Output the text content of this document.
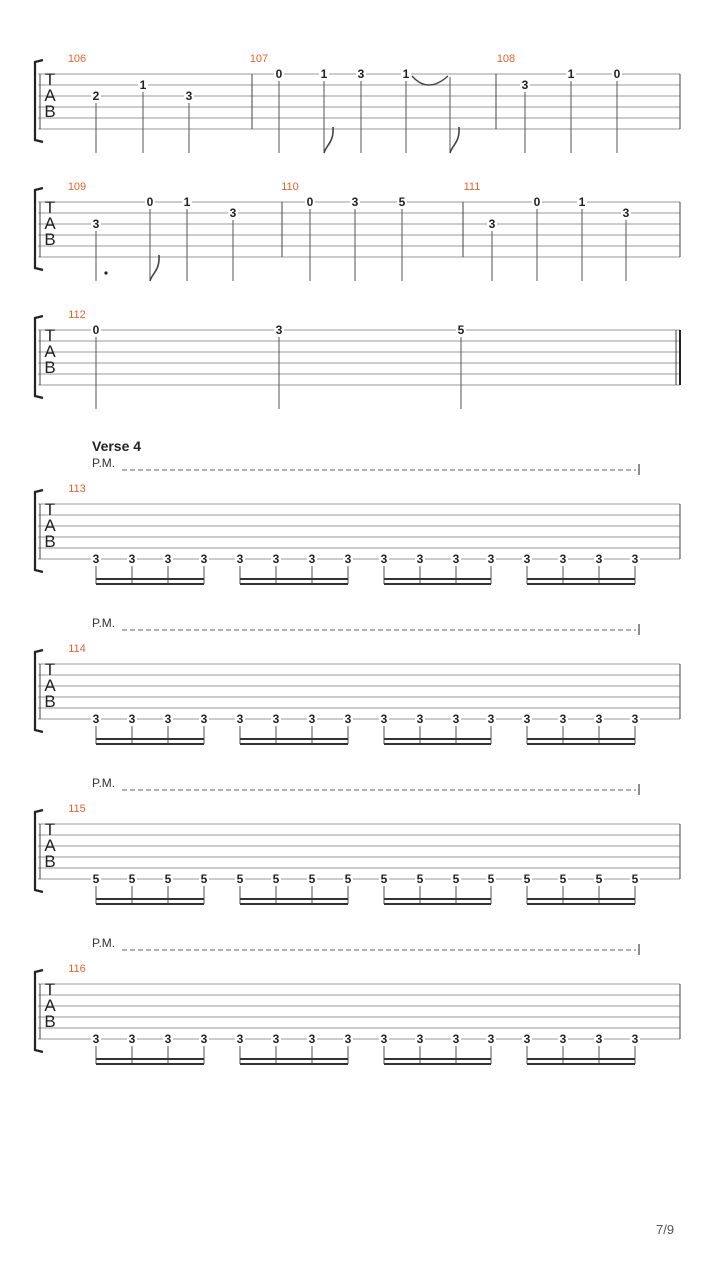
T
A
B
106
2
1
3
107
0	1	3	1
108
3
1	0
T
A
B
109
3
0	1
3
110
0	3	5
111
3
0	1
3
T
A
B
112
0	3	5
T
A
B
Verse 4
P.M.
113
3 3 3 3 3 3 3 3 3 3 3 3 3 3 3 3
T
A
B
P.M.
114
3 3 3 3 3 3 3 3 3 3 3 3 3 3 3 3
T
A
B
P.M.
115
5 5 5 5 5 5 5 5 5 5 5 5 5 5 5 5
T
A
B
P.M.
116
3 3 3 3 3 3 3 3 3 3 3 3 3 3 3 3
7/9
